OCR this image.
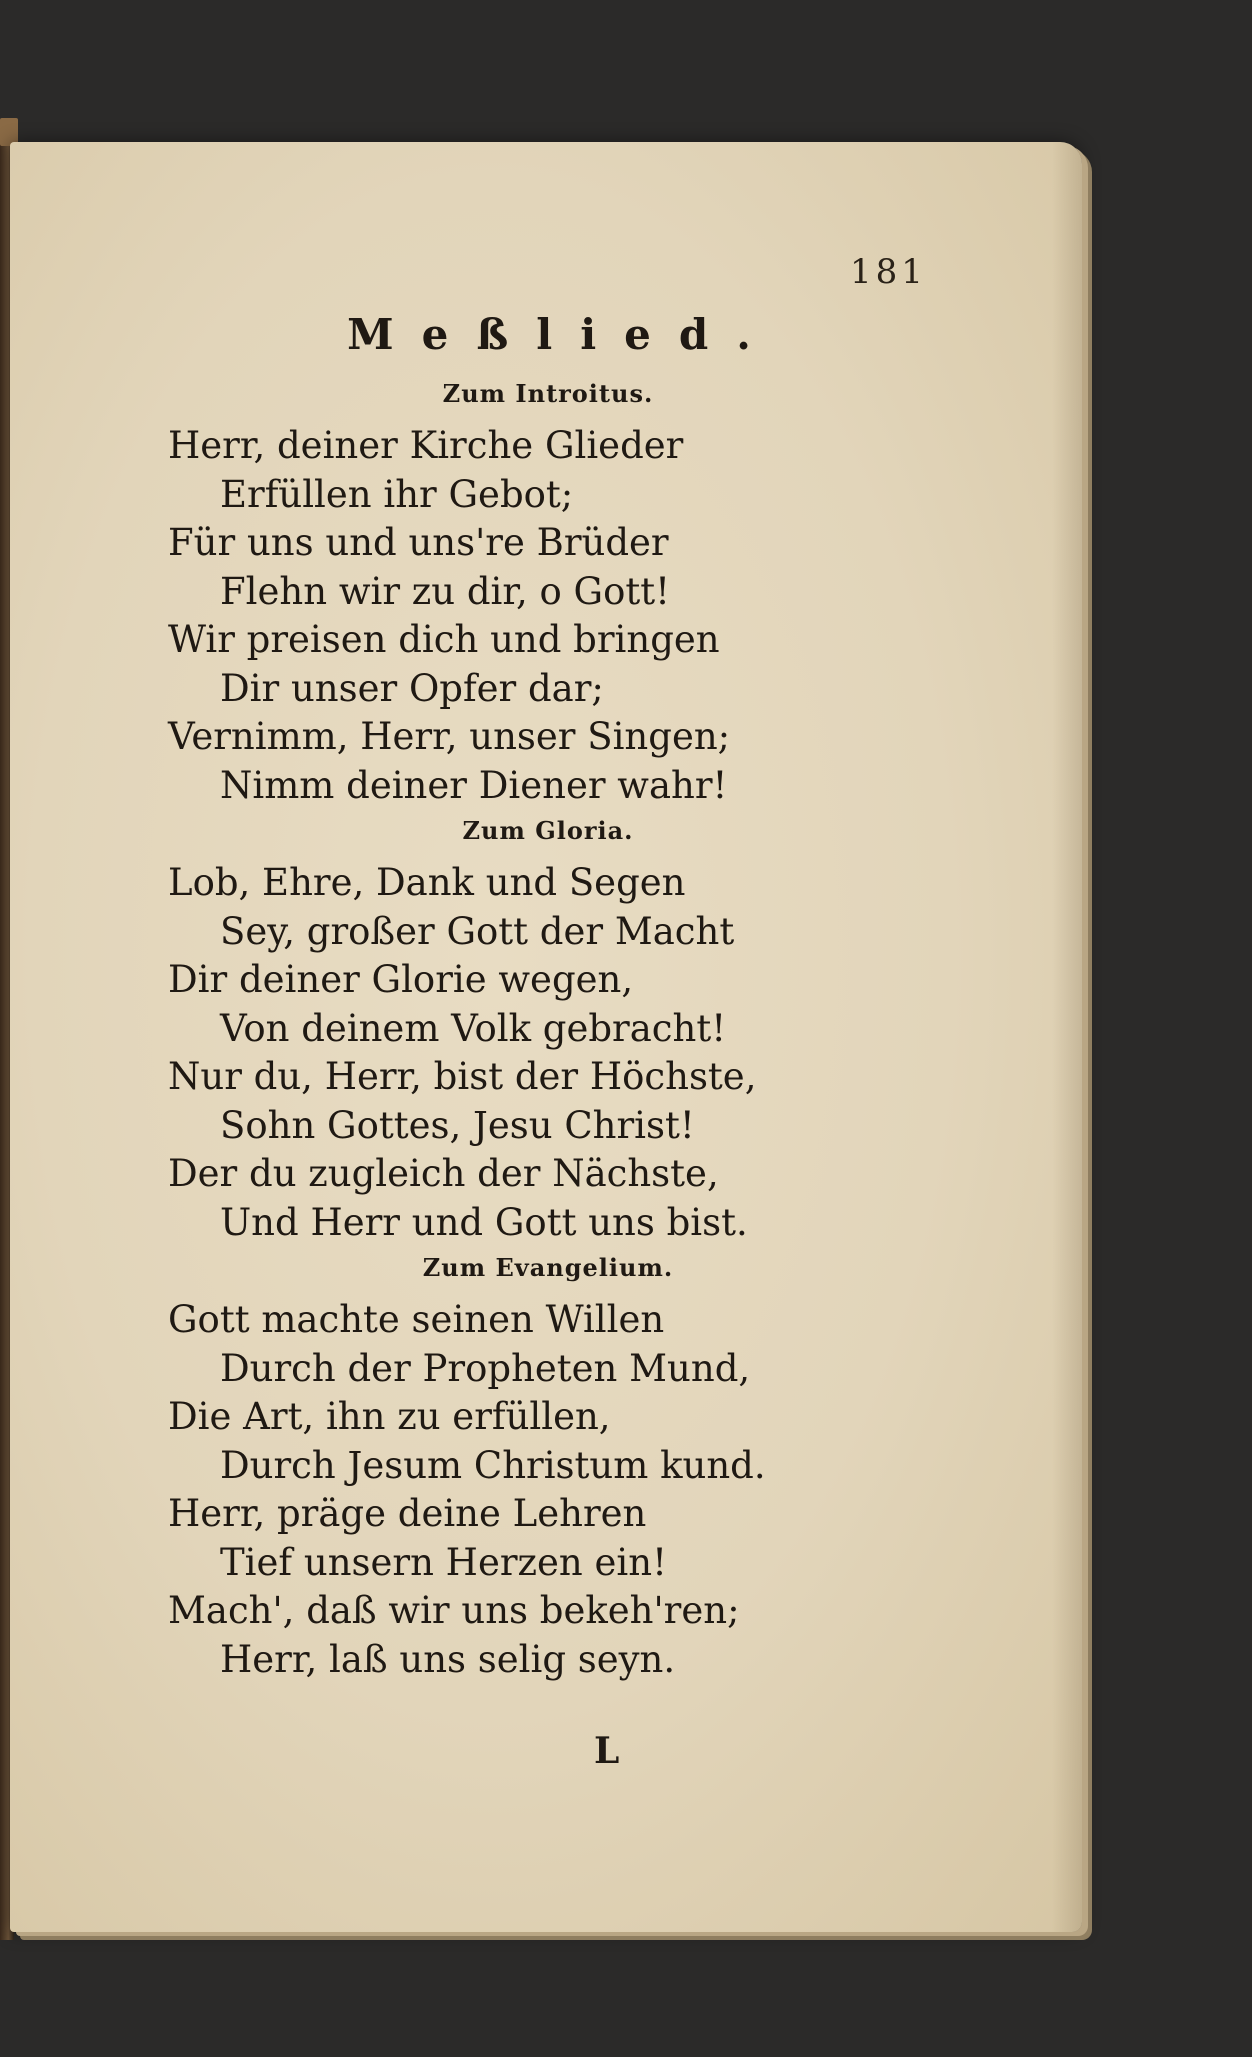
181
Meßlied.
Zum Introitus.
Herr, deiner Kirche Glieder
Erfüllen ihr Gebot;
Für uns und uns're Brüder
Flehn wir zu dir, o Gott!
Wir preisen dich und bringen
Dir unser Opfer dar;
Vernimm, Herr, unser Singen;
Nimm deiner Diener wahr!
Zum Gloria.
Lob, Ehre, Dank und Segen
Sey, großer Gott der Macht
Dir deiner Glorie wegen,
Von deinem Volk gebracht!
Nur du, Herr, bist der Höchste,
Sohn Gottes, Jesu Christ!
Der du zugleich der Nächste,
Und Herr und Gott uns bist.
Zum Evangelium.
Gott machte seinen Willen
Durch der Propheten Mund,
Die Art, ihn zu erfüllen,
Durch Jesum Christum kund.
Herr, präge deine Lehren
Tief unsern Herzen ein!
Mach', daß wir uns bekeh'ren;
Herr, laß uns selig seyn.
L
